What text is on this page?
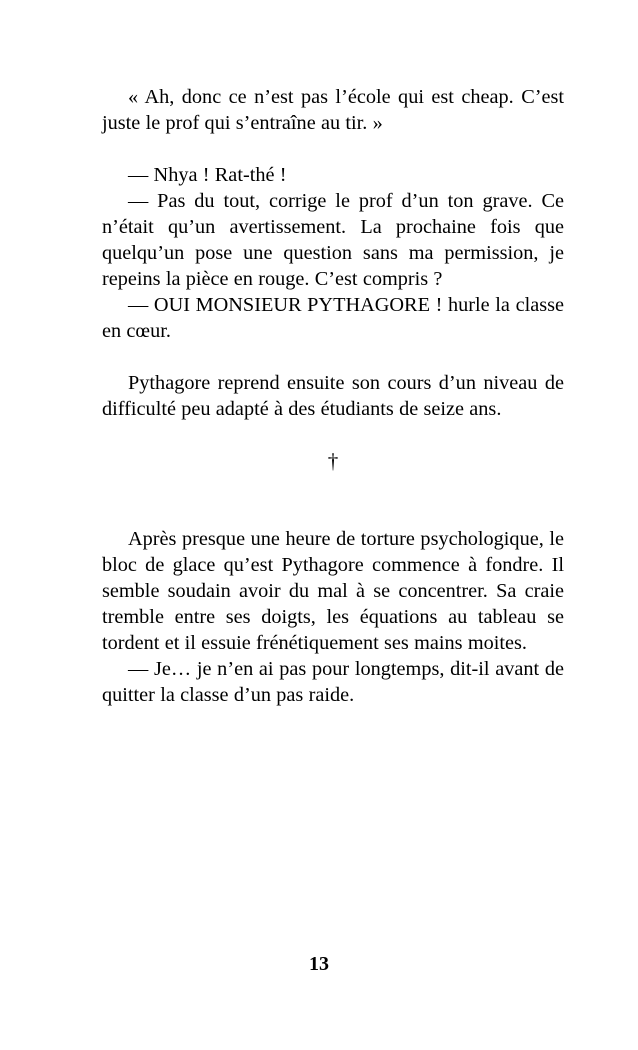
« Ah, donc ce n’est pas l’école qui est cheap. C’est juste le prof qui s’entraîne au tir. »

— Nhya ! Rat-thé !

— Pas du tout, corrige le prof d’un ton grave. Ce n’était qu’un avertissement. La prochaine fois que quelqu’un pose une question sans ma permission, je repeins la pièce en rouge. C’est compris ?

— OUI MONSIEUR PYTHAGORE ! hurle la classe en cœur.

Pythagore reprend ensuite son cours d’un niveau de difficulté peu adapté à des étudiants de seize ans.

†

Après presque une heure de torture psychologique, le bloc de glace qu’est Pythagore commence à fondre. Il semble soudain avoir du mal à se concentrer. Sa craie tremble entre ses doigts, les équations au tableau se tordent et il essuie frénétiquement ses mains moites.

— Je… je n’en ai pas pour longtemps, dit-il avant de quitter la classe d’un pas raide.

13
